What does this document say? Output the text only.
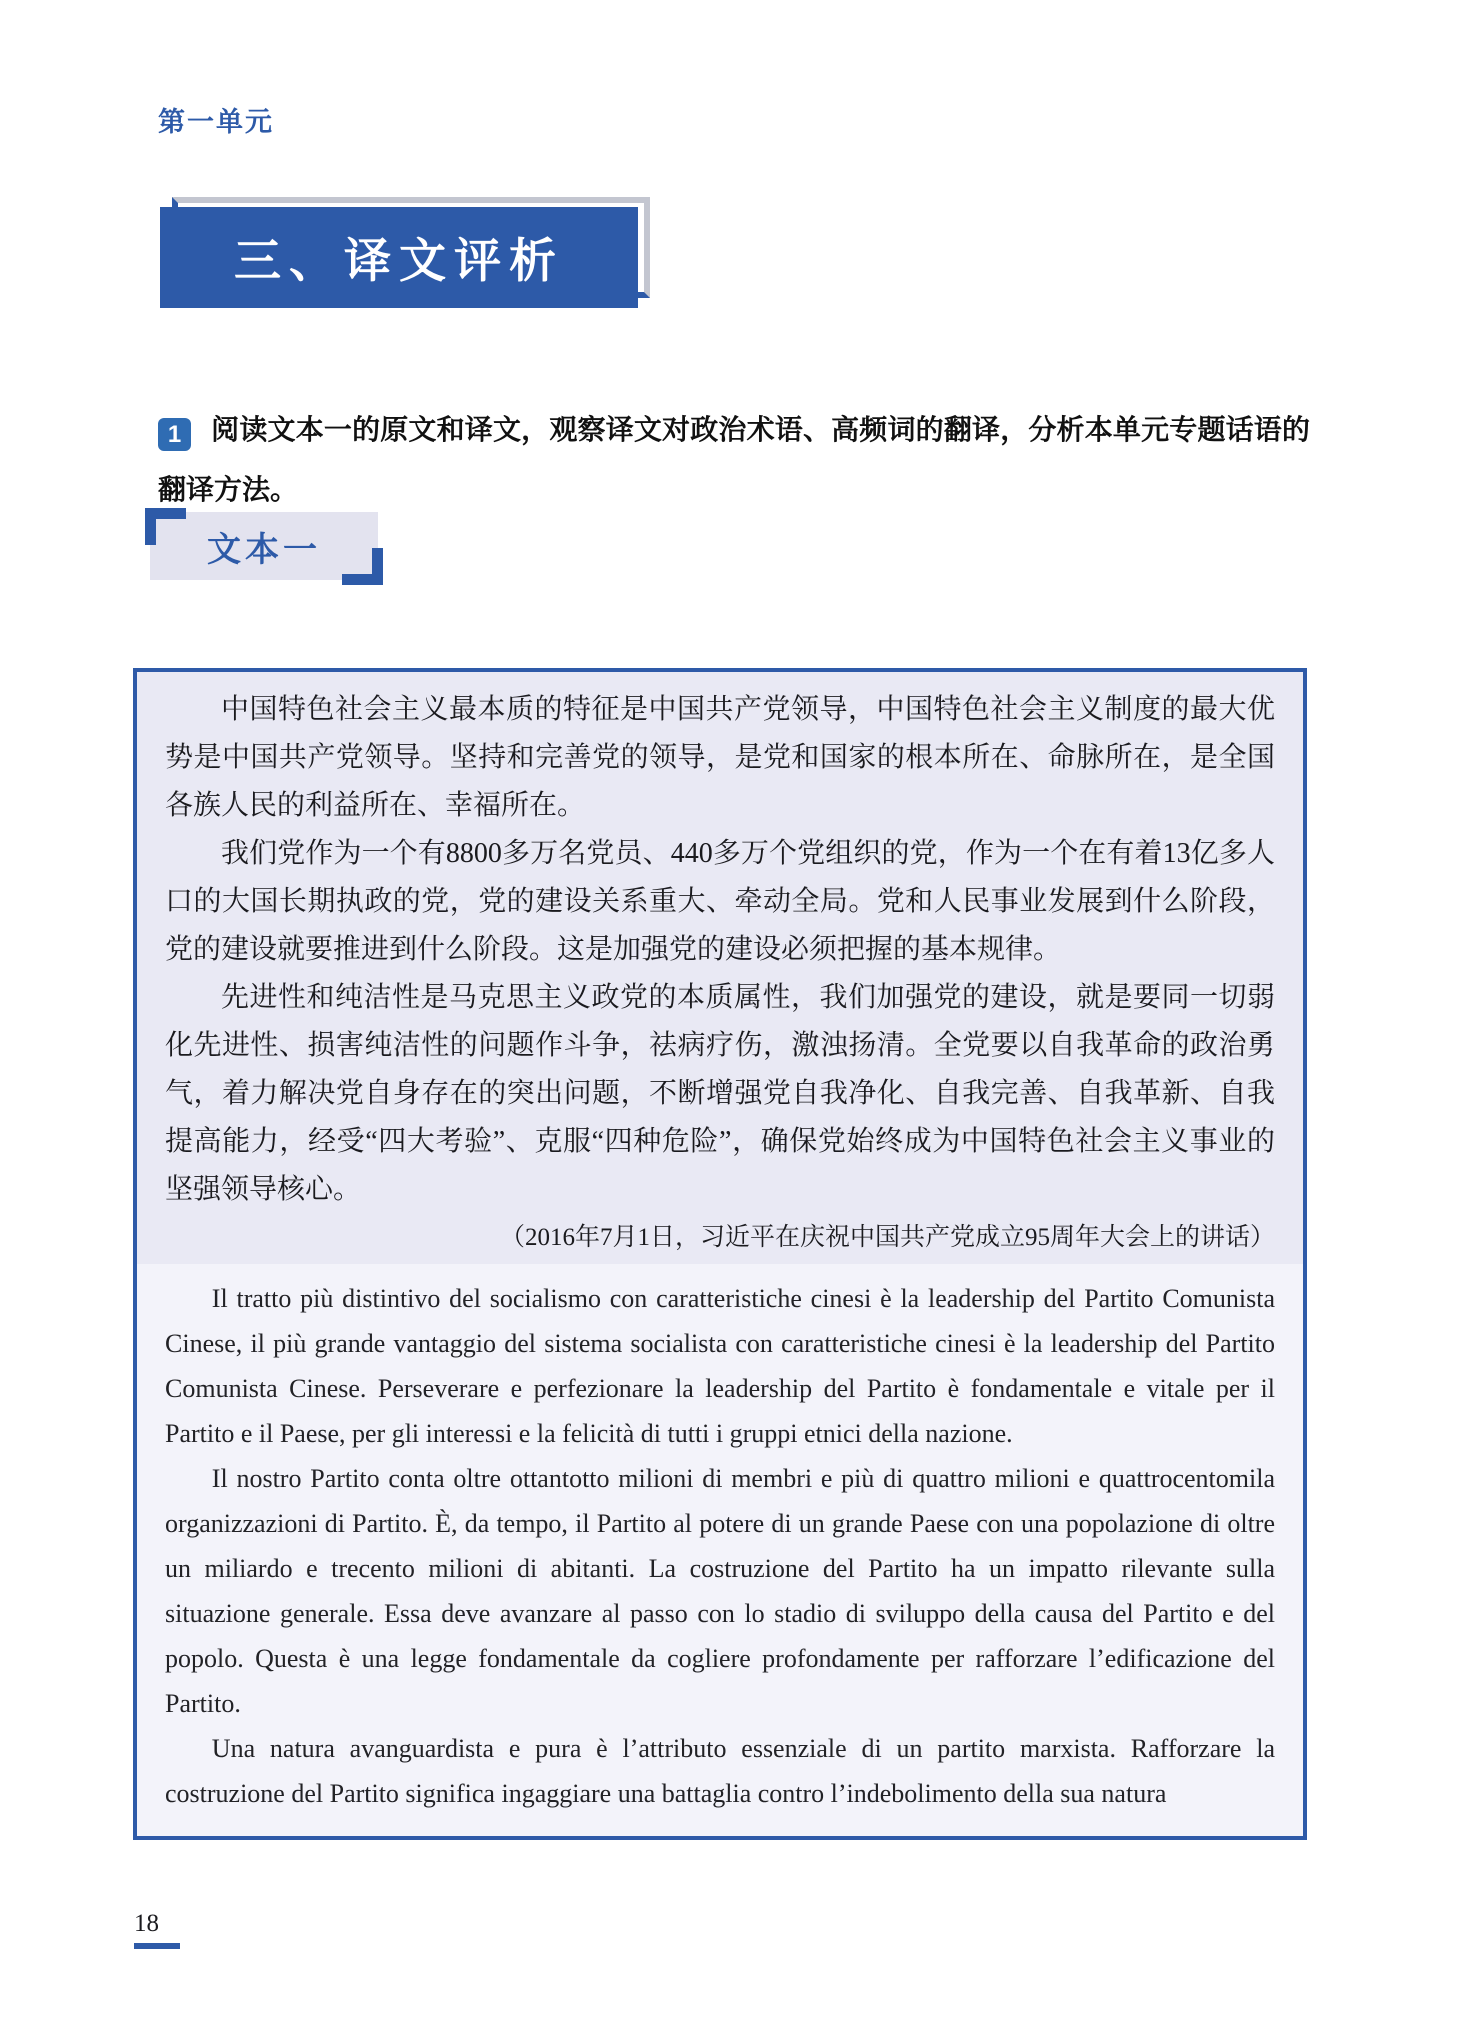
第一单元
三、译文评析

1 阅读文本一的原文和译文，观察译文对政治术语、高频词的翻译，分析本单元专题话语的翻译方法。

文本一

中国特色社会主义最本质的特征是中国共产党领导，中国特色社会主义制度的最大优势是中国共产党领导。坚持和完善党的领导，是党和国家的根本所在、命脉所在，是全国各族人民的利益所在、幸福所在。

我们党作为一个有8800多万名党员、440多万个党组织的党，作为一个在有着13亿多人口的大国长期执政的党，党的建设关系重大、牵动全局。党和人民事业发展到什么阶段，党的建设就要推进到什么阶段。这是加强党的建设必须把握的基本规律。

先进性和纯洁性是马克思主义政党的本质属性，我们加强党的建设，就是要同一切弱化先进性、损害纯洁性的问题作斗争，祛病疗伤，激浊扬清。全党要以自我革命的政治勇气，着力解决党自身存在的突出问题，不断增强党自我净化、自我完善、自我革新、自我提高能力，经受“四大考验”、克服“四种危险”，确保党始终成为中国特色社会主义事业的坚强领导核心。

（2016年7月1日，习近平在庆祝中国共产党成立95周年大会上的讲话）

Il tratto più distintivo del socialismo con caratteristiche cinesi è la leadership del Partito Comunista Cinese, il più grande vantaggio del sistema socialista con caratteristiche cinesi è la leadership del Partito Comunista Cinese. Perseverare e perfezionare la leadership del Partito è fondamentale e vitale per il Partito e il Paese, per gli interessi e la felicità di tutti i gruppi etnici della nazione.

Il nostro Partito conta oltre ottantotto milioni di membri e più di quattro milioni e quattrocentomila organizzazioni di Partito. È, da tempo, il Partito al potere di un grande Paese con una popolazione di oltre un miliardo e trecento milioni di abitanti. La costruzione del Partito ha un impatto rilevante sulla situazione generale. Essa deve avanzare al passo con lo stadio di sviluppo della causa del Partito e del popolo. Questa è una legge fondamentale da cogliere profondamente per rafforzare l’edificazione del Partito.

Una natura avanguardista e pura è l’attributo essenziale di un partito marxista. Rafforzare la costruzione del Partito significa ingaggiare una battaglia contro l’indebolimento della sua natura

18
